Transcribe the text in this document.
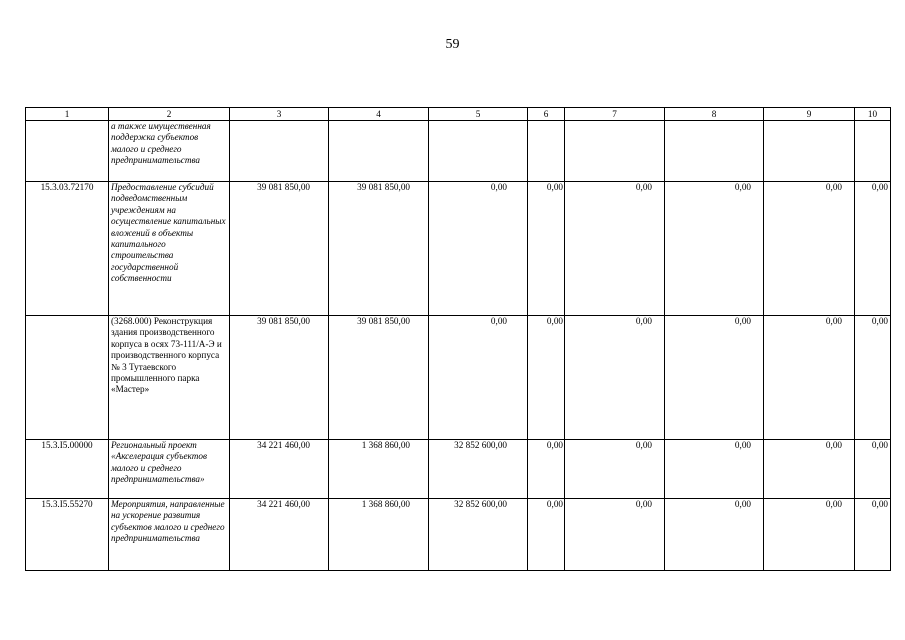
59
1	2	3	4	5	6	7	8	9	10
	а также имущественная поддержка субъектов малого и среднего предпринимательства								
15.3.03.72170	Предоставление субсидий подведомственным учреждениям на осуществление капитальных вложений в объекты капитального строительства государственной собственности	39 081 850,00	39 081 850,00	0,00	0,00	0,00	0,00	0,00	0,00
	(3268.000) Реконструкция здания производственного корпуса в осях 73-111/А-Э и производственного корпуса № 3 Тутаевского промышленного парка «Мастер»	39 081 850,00	39 081 850,00	0,00	0,00	0,00	0,00	0,00	0,00
15.3.I5.00000	Региональный проект «Акселерация субъектов малого и среднего предпринимательства»	34 221 460,00	1 368 860,00	32 852 600,00	0,00	0,00	0,00	0,00	0,00
15.3.I5.55270	Мероприятия, направленные на ускорение развития субъектов малого и среднего предпринимательства	34 221 460,00	1 368 860,00	32 852 600,00	0,00	0,00	0,00	0,00	0,00
